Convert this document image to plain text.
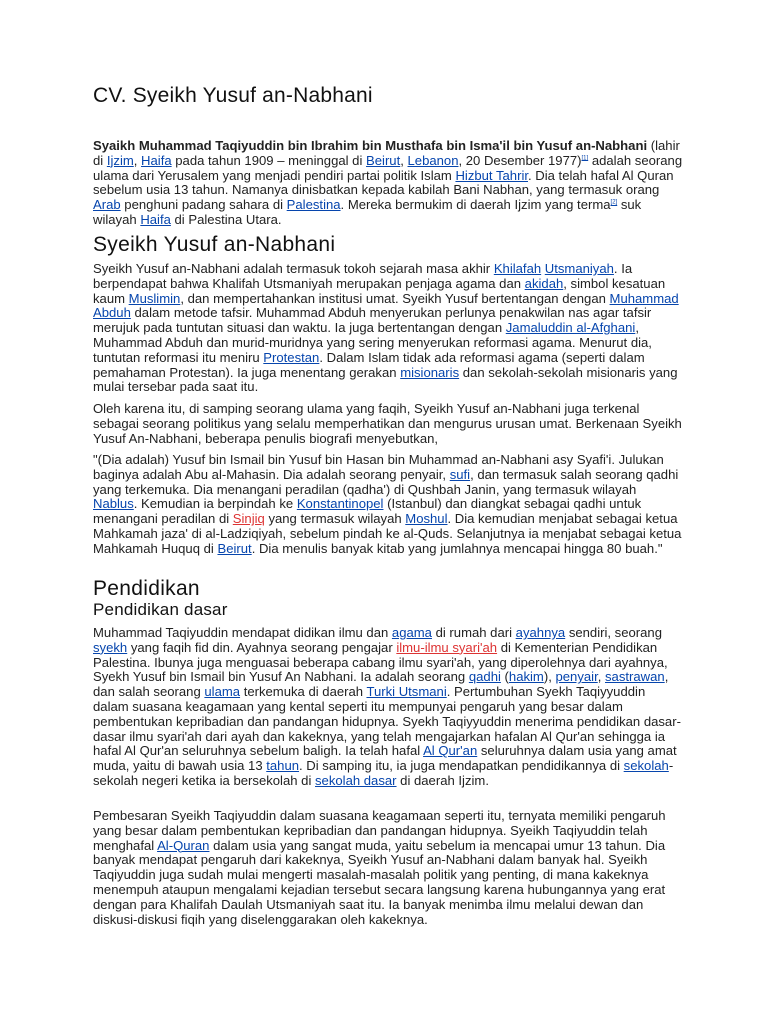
CV. Syeikh Yusuf an-Nabhani

Syaikh Muhammad Taqiyuddin bin Ibrahim bin Musthafa bin Isma'il bin Yusuf an-Nabhani (lahir di Ijzim, Haifa pada tahun 1909 – meninggal di Beirut, Lebanon, 20 Desember 1977)[1] adalah seorang ulama dari Yerusalem yang menjadi pendiri partai politik Islam Hizbut Tahrir. Dia telah hafal Al Quran sebelum usia 13 tahun. Namanya dinisbatkan kepada kabilah Bani Nabhan, yang termasuk orang Arab penghuni padang sahara di Palestina. Mereka bermukim di daerah Ijzim yang terma[2] suk wilayah Haifa di Palestina Utara.

Syeikh Yusuf an-Nabhani

Syeikh Yusuf an-Nabhani adalah termasuk tokoh sejarah masa akhir Khilafah Utsmaniyah. Ia berpendapat bahwa Khalifah Utsmaniyah merupakan penjaga agama dan akidah, simbol kesatuan kaum Muslimin, dan mempertahankan institusi umat. Syeikh Yusuf bertentangan dengan Muhammad Abduh dalam metode tafsir. Muhammad Abduh menyerukan perlunya penakwilan nas agar tafsir merujuk pada tuntutan situasi dan waktu. Ia juga bertentangan dengan Jamaluddin al-Afghani, Muhammad Abduh dan murid-muridnya yang sering menyerukan reformasi agama. Menurut dia, tuntutan reformasi itu meniru Protestan. Dalam Islam tidak ada reformasi agama (seperti dalam pemahaman Protestan). Ia juga menentang gerakan misionaris dan sekolah-sekolah misionaris yang mulai tersebar pada saat itu.

Oleh karena itu, di samping seorang ulama yang faqih, Syeikh Yusuf an-Nabhani juga terkenal sebagai seorang politikus yang selalu memperhatikan dan mengurus urusan umat. Berkenaan Syeikh Yusuf An-Nabhani, beberapa penulis biografi menyebutkan,

"(Dia adalah) Yusuf bin Ismail bin Yusuf bin Hasan bin Muhammad an-Nabhani asy Syafi'i. Julukan baginya adalah Abu al-Mahasin. Dia adalah seorang penyair, sufi, dan termasuk salah seorang qadhi yang terkemuka. Dia menangani peradilan (qadha') di Qushbah Janin, yang termasuk wilayah Nablus. Kemudian ia berpindah ke Konstantinopel (Istanbul) dan diangkat sebagai qadhi untuk menangani peradilan di Sinjiq yang termasuk wilayah Moshul. Dia kemudian menjabat sebagai ketua Mahkamah jaza' di al-Ladziqiyah, sebelum pindah ke al-Quds. Selanjutnya ia menjabat sebagai ketua Mahkamah Huquq di Beirut. Dia menulis banyak kitab yang jumlahnya mencapai hingga 80 buah."

Pendidikan
Pendidikan dasar

Muhammad Taqiyuddin mendapat didikan ilmu dan agama di rumah dari ayahnya sendiri, seorang syekh yang faqih fid din. Ayahnya seorang pengajar ilmu-ilmu syari'ah di Kementerian Pendidikan Palestina. Ibunya juga menguasai beberapa cabang ilmu syari'ah, yang diperolehnya dari ayahnya, Syekh Yusuf bin Ismail bin Yusuf An Nabhani. Ia adalah seorang qadhi (hakim), penyair, sastrawan, dan salah seorang ulama terkemuka di daerah Turki Utsmani. Pertumbuhan Syekh Taqiyyuddin dalam suasana keagamaan yang kental seperti itu mempunyai pengaruh yang besar dalam pembentukan kepribadian dan pandangan hidupnya. Syekh Taqiyyuddin menerima pendidikan dasar-dasar ilmu syari'ah dari ayah dan kakeknya, yang telah mengajarkan hafalan Al Qur'an sehingga ia hafal Al Qur'an seluruhnya sebelum baligh. Ia telah hafal Al Qur'an seluruhnya dalam usia yang amat muda, yaitu di bawah usia 13 tahun. Di samping itu, ia juga mendapatkan pendidikannya di sekolah-sekolah negeri ketika ia bersekolah di sekolah dasar di daerah Ijzim.

Pembesaran Syeikh Taqiyuddin dalam suasana keagamaan seperti itu, ternyata memiliki pengaruh yang besar dalam pembentukan kepribadian dan pandangan hidupnya. Syeikh Taqiyuddin telah menghafal Al-Quran dalam usia yang sangat muda, yaitu sebelum ia mencapai umur 13 tahun. Dia banyak mendapat pengaruh dari kakeknya, Syeikh Yusuf an-Nabhani dalam banyak hal. Syeikh Taqiyuddin juga sudah mulai mengerti masalah-masalah politik yang penting, di mana kakeknya menempuh ataupun mengalami kejadian tersebut secara langsung karena hubungannya yang erat dengan para Khalifah Daulah Utsmaniyah saat itu. Ia banyak menimba ilmu melalui dewan dan diskusi-diskusi fiqih yang diselenggarakan oleh kakeknya.
